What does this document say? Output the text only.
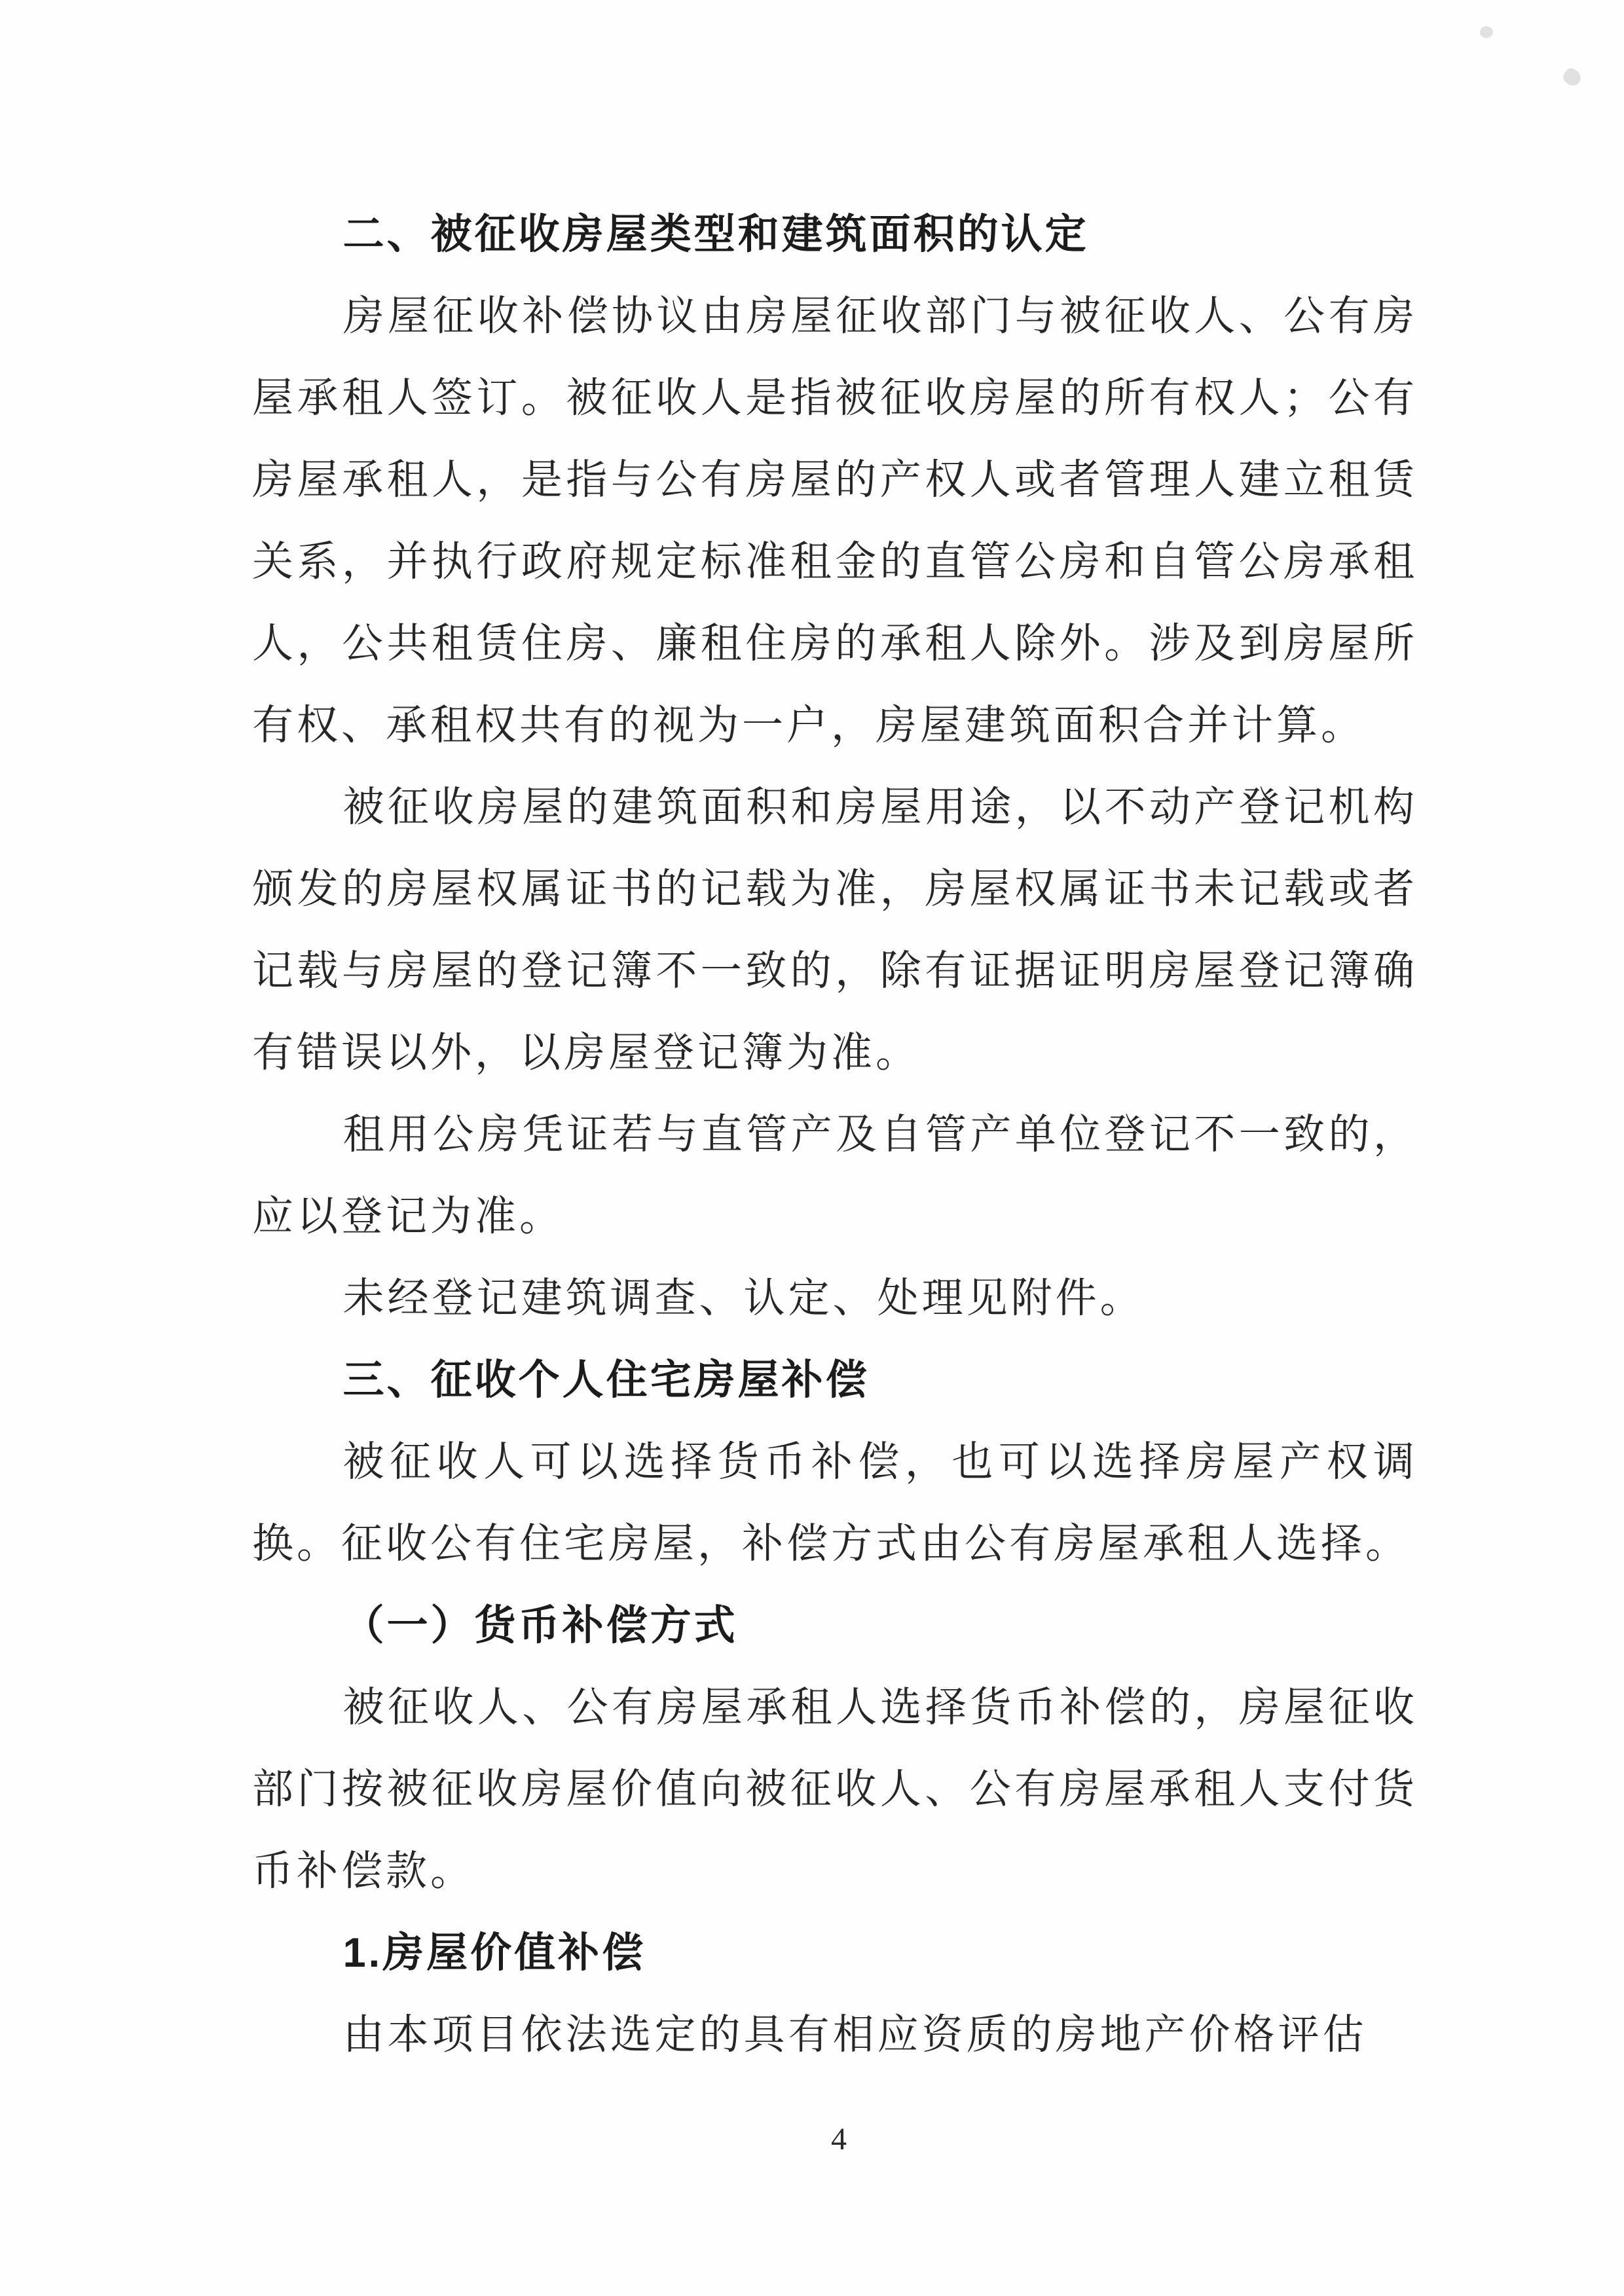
二、被征收房屋类型和建筑面积的认定

房屋征收补偿协议由房屋征收部门与被征收人、公有房屋承租人签订。被征收人是指被征收房屋的所有权人；公有房屋承租人，是指与公有房屋的产权人或者管理人建立租赁关系，并执行政府规定标准租金的直管公房和自管公房承租人，公共租赁住房、廉租住房的承租人除外。涉及到房屋所有权、承租权共有的视为一户，房屋建筑面积合并计算。

被征收房屋的建筑面积和房屋用途，以不动产登记机构颁发的房屋权属证书的记载为准，房屋权属证书未记载或者记载与房屋的登记簿不一致的，除有证据证明房屋登记簿确有错误以外，以房屋登记簿为准。

租用公房凭证若与直管产及自管产单位登记不一致的，应以登记为准。

未经登记建筑调查、认定、处理见附件。

三、征收个人住宅房屋补偿

被征收人可以选择货币补偿，也可以选择房屋产权调换。征收公有住宅房屋，补偿方式由公有房屋承租人选择。

（一）货币补偿方式

被征收人、公有房屋承租人选择货币补偿的，房屋征收部门按被征收房屋价值向被征收人、公有房屋承租人支付货币补偿款。

1.房屋价值补偿

由本项目依法选定的具有相应资质的房地产价格评估

4
